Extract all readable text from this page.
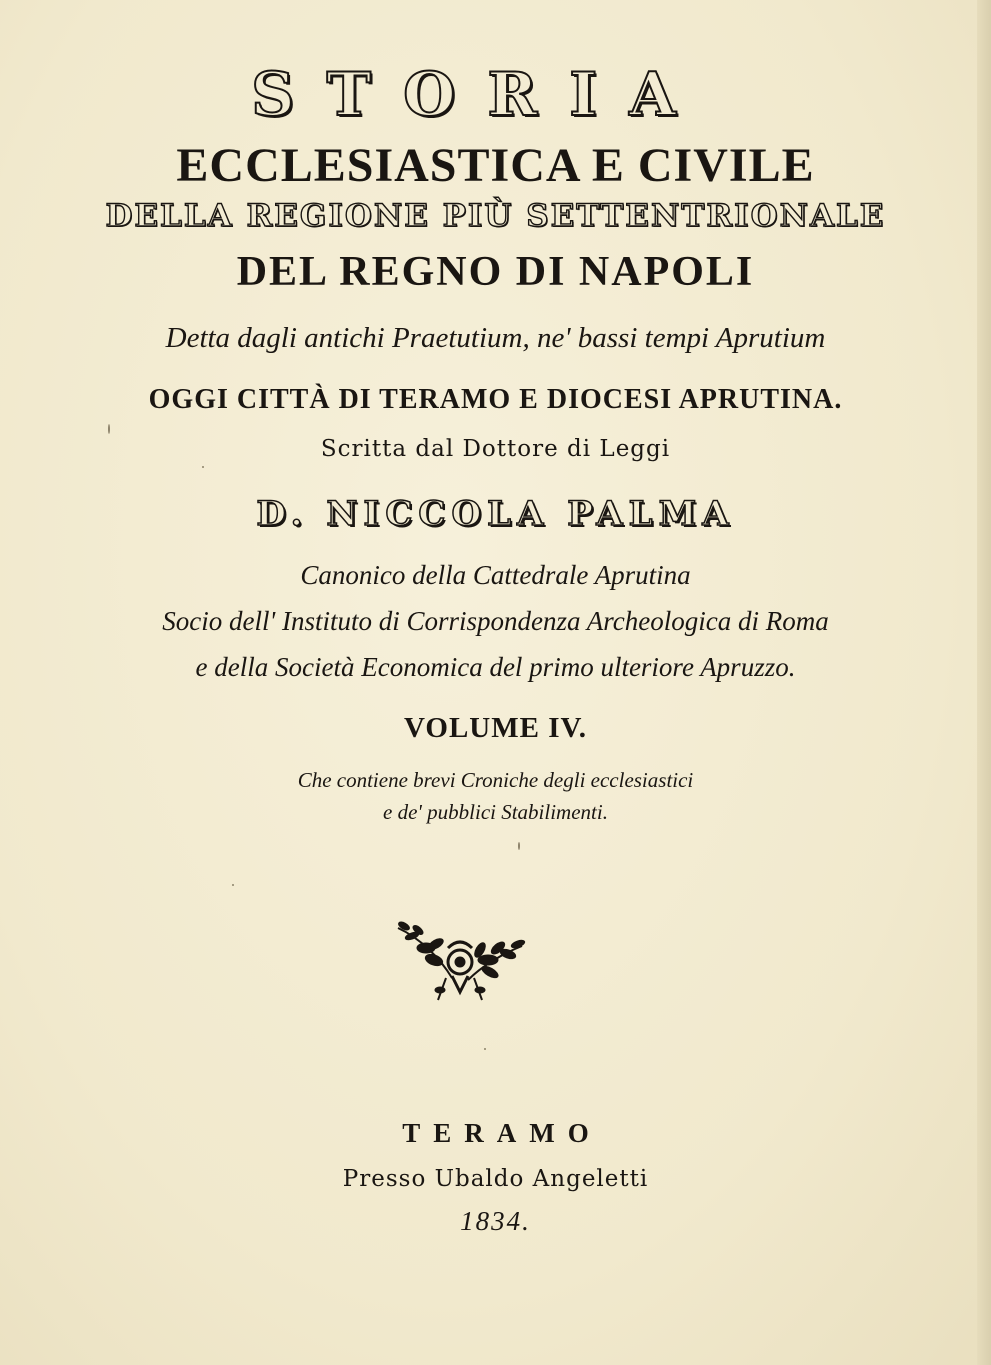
STORIA
ECCLESIASTICA E CIVILE
DELLA REGIONE PIÙ SETTENTRIONALE
DEL REGNO DI NAPOLI
Detta dagli antichi Praetutium, ne' bassi tempi Aprutium
OGGI CITTÀ DI TERAMO E DIOCESI APRUTINA.
Scritta dal Dottore di Leggi
D. NICCOLA PALMA
Canonico della Cattedrale Aprutina
Socio dell' Instituto di Corrispondenza Archeologica di Roma
e della Società Economica del primo ulteriore Apruzzo.
VOLUME IV.
Che contiene brevi Croniche degli ecclesiastici
e de' pubblici Stabilimenti.
TERAMO
Presso Ubaldo Angeletti
1834.
